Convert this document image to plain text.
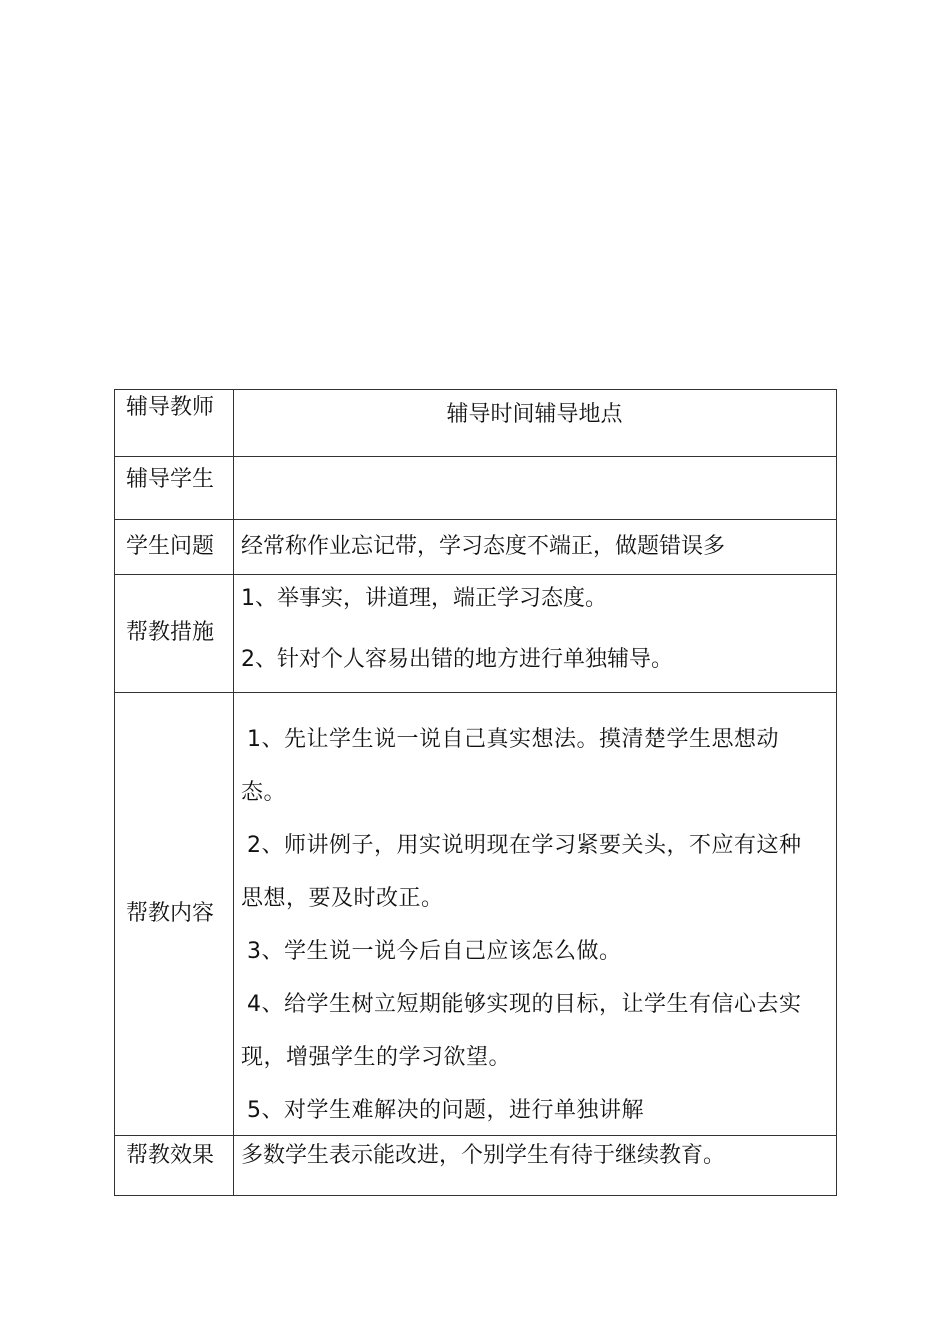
辅导教师	辅导时间辅导地点
辅导学生	
学生问题	经常称作业忘记带，学习态度不端正，做题错误多
帮教措施	1、举事实，讲道理，端正学习态度。
2、针对个人容易出错的地方进行单独辅导。

帮教内容	1、先让学生说一说自己真实想法。摸清楚学生思想动态。
2、师讲例子，用实说明现在学习紧要关头，不应有这种思想，要及时改正。
3、学生说一说今后自己应该怎么做。
4、给学生树立短期能够实现的目标，让学生有信心去实现，增强学生的学习欲望。
5、对学生难解决的问题，进行单独讲解

帮教效果	多数学生表示能改进，个别学生有待于继续教育。
